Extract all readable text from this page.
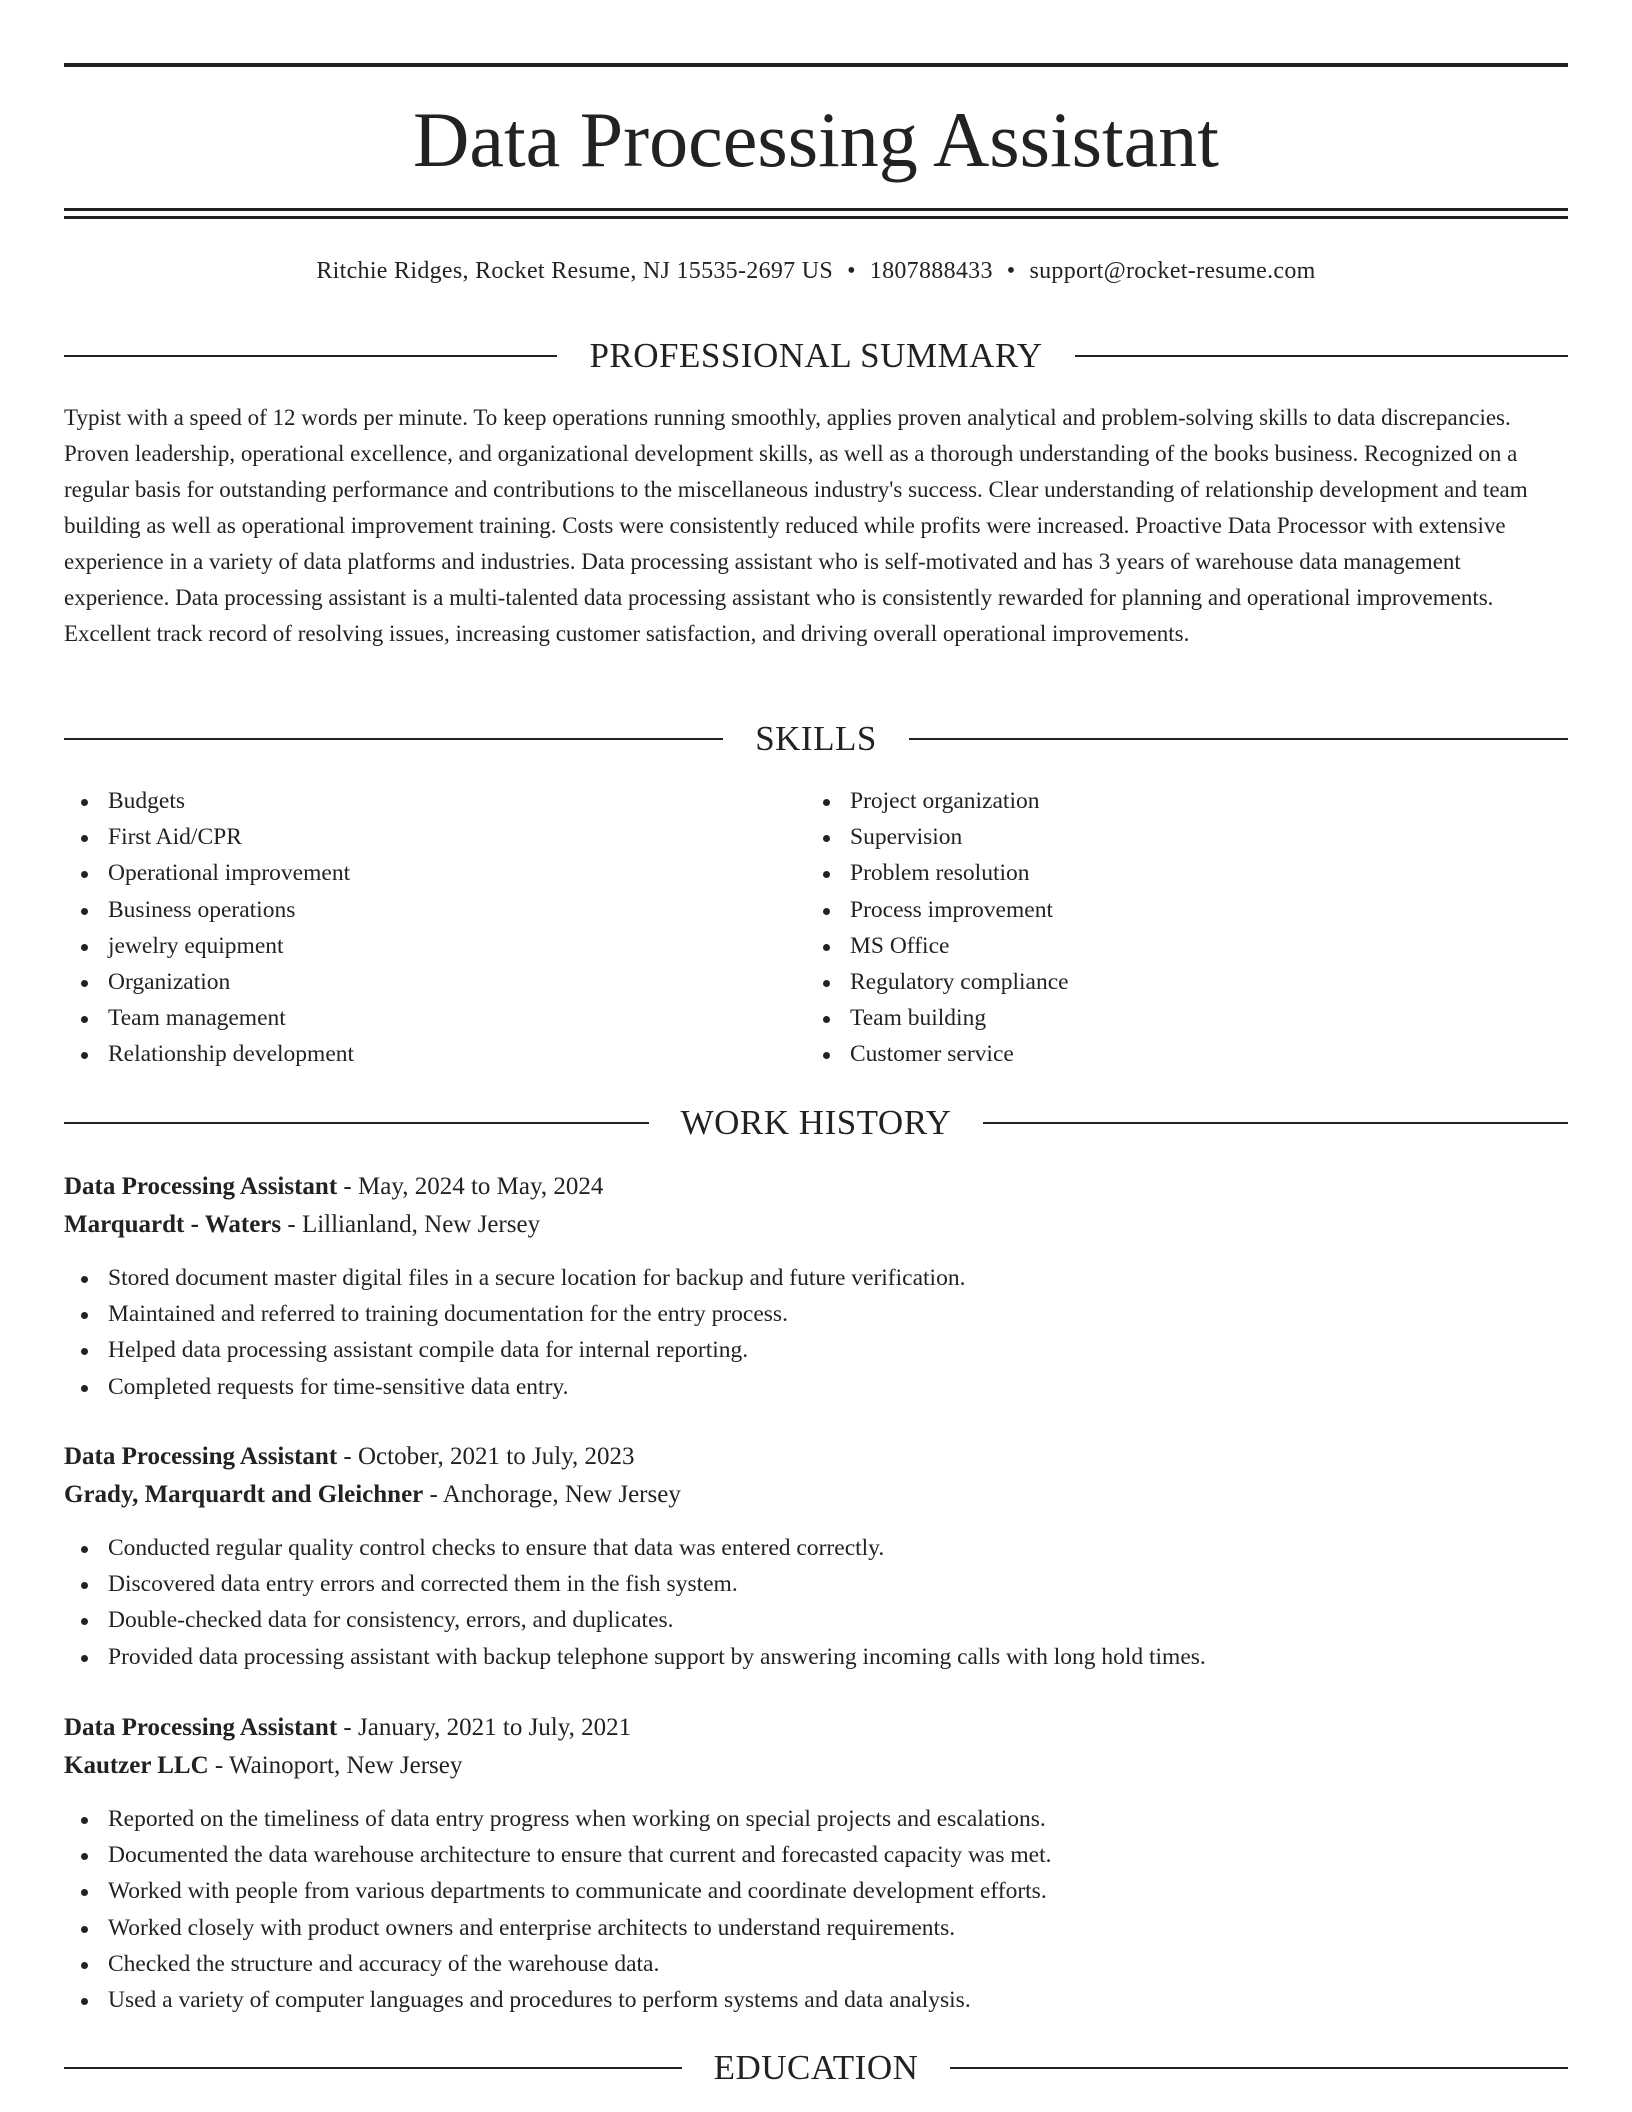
Data Processing Assistant
Ritchie Ridges, Rocket Resume, NJ 15535-2697 US • 1807888433 • support@rocket-resume.com
PROFESSIONAL SUMMARY

Typist with a speed of 12 words per minute. To keep operations running smoothly, applies proven analytical and problem-solving skills to data discrepancies. Proven leadership, operational excellence, and organizational development skills, as well as a thorough understanding of the books business. Recognized on a regular basis for outstanding performance and contributions to the miscellaneous industry's success. Clear understanding of relationship development and team building as well as operational improvement training. Costs were consistently reduced while profits were increased. Proactive Data Processor with extensive experience in a variety of data platforms and industries. Data processing assistant who is self-motivated and has 3 years of warehouse data management experience. Data processing assistant is a multi-talented data processing assistant who is consistently rewarded for planning and operational improvements. Excellent track record of resolving issues, increasing customer satisfaction, and driving overall operational improvements.

SKILLS
Budgets
First Aid/CPR
Operational improvement
Business operations
jewelry equipment
Organization
Team management
Relationship development
Project organization
Supervision
Problem resolution
Process improvement
MS Office
Regulatory compliance
Team building
Customer service
WORK HISTORY
Data Processing Assistant - May, 2024 to May, 2024
Marquardt - Waters - Lillianland, New Jersey
Stored document master digital files in a secure location for backup and future verification.
Maintained and referred to training documentation for the entry process.
Helped data processing assistant compile data for internal reporting.
Completed requests for time-sensitive data entry.
Data Processing Assistant - October, 2021 to July, 2023
Grady, Marquardt and Gleichner - Anchorage, New Jersey
Conducted regular quality control checks to ensure that data was entered correctly.
Discovered data entry errors and corrected them in the fish system.
Double-checked data for consistency, errors, and duplicates.
Provided data processing assistant with backup telephone support by answering incoming calls with long hold times.
Data Processing Assistant - January, 2021 to July, 2021
Kautzer LLC - Wainoport, New Jersey
Reported on the timeliness of data entry progress when working on special projects and escalations.
Documented the data warehouse architecture to ensure that current and forecasted capacity was met.
Worked with people from various departments to communicate and coordinate development efforts.
Worked closely with product owners and enterprise architects to understand requirements.
Checked the structure and accuracy of the warehouse data.
Used a variety of computer languages and procedures to perform systems and data analysis.
EDUCATION
